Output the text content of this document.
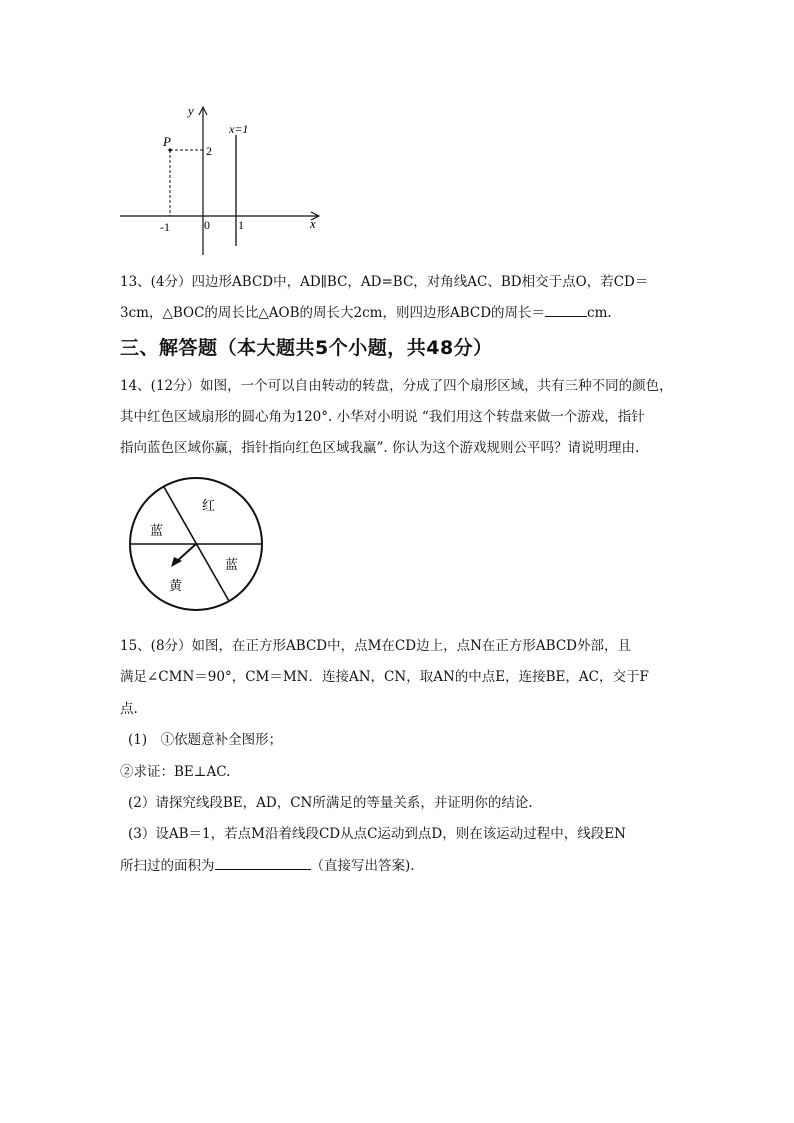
y
x
P
x=1
2
-1	0 1
13、(4分）四边形ABCD中，AD∥BC，AD=BC，对角线AC、BD相交于点O，若CD＝
3cm，△BOC的周长比△AOB的周长大2cm，则四边形ABCD的周长＝	cm.
三、解答题（本大题共5个小题，共48分）
14、(12分）如图，一个可以自由转动的转盘，分成了四个扇形区域，共有三种不同的颜色，
其中红色区域扇形的圆心角为120°. 小华对小明说 “我们用这个转盘来做一个游戏，指针
指向蓝色区域你赢，指针指向红色区域我赢”. 你认为这个游戏规则公平吗？请说明理由.
红
蓝
蓝
黄
15、(8分）如图，在正方形ABCD中，点M在CD边上，点N在正方形ABCD外部，且
满足∠CMN＝90°，CM＝MN．连接AN，CN，取AN的中点E，连接BE，AC，交于F
点.
(1)　①依题意补全图形；
②求证：BE⊥AC.
(2）请探究线段BE，AD，CN所满足的等量关系，并证明你的结论.
(3）设AB＝1，若点M沿着线段CD从点C运动到点D，则在该运动过程中，线段EN
所扫过的面积为	（直接写出答案).
